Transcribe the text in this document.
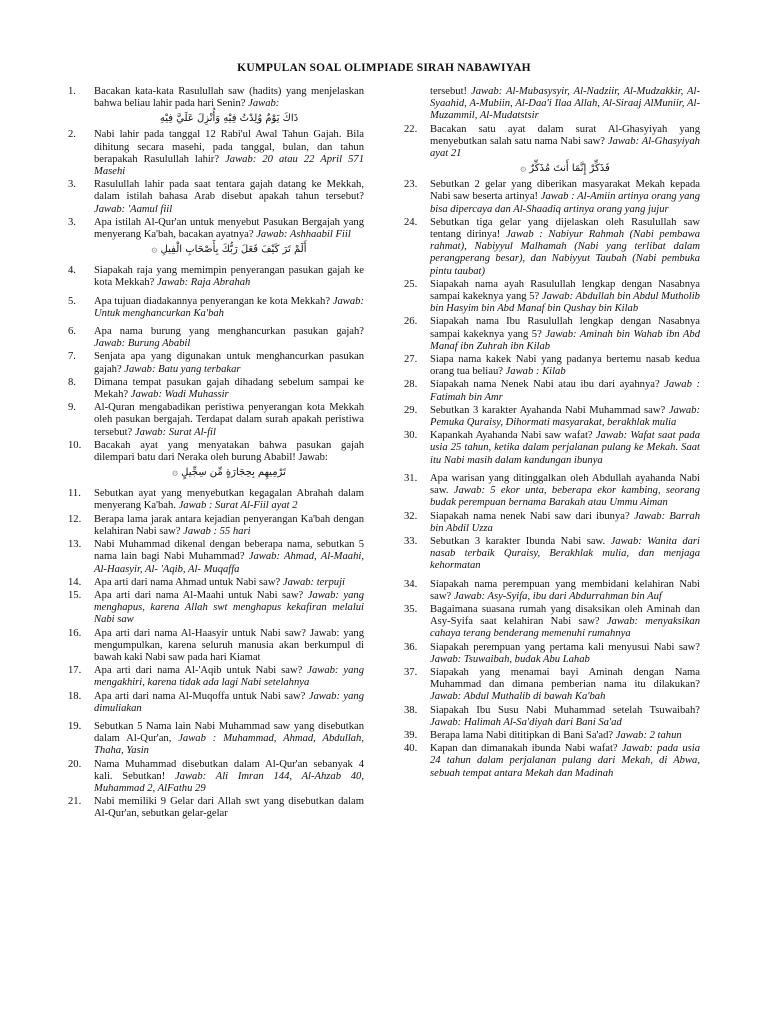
KUMPULAN SOAL OLIMPIADE SIRAH NABAWIYAH
1.	Bacakan kata-kata Rasulullah saw (hadits) yang menjelaskan bahwa beliau lahir pada hari Senin? Jawab:
ذَاكَ يَوْمٌ وُلِدْتُ فِيْهِ وَأُنْزِلَ عَلَيَّ فِيْهِ
2.	Nabi lahir pada tanggal 12 Rabi'ul Awal Tahun Gajah. Bila dihitung secara masehi, pada tanggal, bulan, dan tahun berapakah Rasulullah lahir? Jawab: 20 atau 22 April 571 Masehi
3.	Rasulullah lahir pada saat tentara gajah datang ke Mekkah, dalam istilah bahasa Arab disebut apakah tahun tersebut? Jawab: 'Aamul fiil
3.	Apa istilah Al-Qur'an untuk menyebut Pasukan Bergajah yang menyerang Ka'bah, bacakan ayatnya? Jawab: Ashhaabil Fiil
أَلَمْ تَرَ كَيْفَ فَعَلَ رَبُّكَ بِأَصْحَابِ الْفِيلِ ۞
4.	Siapakah raja yang memimpin penyerangan pasukan gajah ke kota Mekkah? Jawab: Raja Abrahah
5.	Apa tujuan diadakannya penyerangan ke kota Mekkah? Jawab: Untuk menghancurkan Ka'bah
6.	Apa nama burung yang menghancurkan pasukan gajah? Jawab: Burung Ababil
7.	Senjata apa yang digunakan untuk menghancurkan pasukan gajah? Jawab: Batu yang terbakar
8.	Dimana tempat pasukan gajah dihadang sebelum sampai ke Mekah? Jawab: Wadi Muhassir
9.	Al-Quran mengabadikan peristiwa penyerangan kota Mekkah oleh pasukan bergajah. Terdapat dalam surah apakah peristiwa tersebut? Jawab: Surat Al-fil
10.	Bacakah ayat yang menyatakan bahwa pasukan gajah dilempari batu dari Neraka oleh burung Ababil! Jawab:
تَرْمِيهِم بِحِجَارَةٍ مِّن سِجِّيلٍ ۞
11.	Sebutkan ayat yang menyebutkan kegagalan Abrahah dalam menyerang Ka'bah. Jawab : Surat Al-Fiil ayat 2
12.	Berapa lama jarak antara kejadian penyerangan Ka'bah dengan kelahiran Nabi saw? Jawab : 55 hari
13.	Nabi Muhammad dikenal dengan beberapa nama, sebutkan 5 nama lain bagi Nabi Muhammad? Jawab: Ahmad, Al-Maahi, Al-Haasyir, Al- 'Aqib, Al- Muqaffa
14.	Apa arti dari nama Ahmad untuk Nabi saw? Jawab: terpuji
15.	Apa arti dari nama Al-Maahi untuk Nabi saw? Jawab: yang menghapus, karena Allah swt menghapus kekafiran melalui Nabi saw
16.	Apa arti dari nama Al-Haasyir untuk Nabi saw? Jawab: yang mengumpulkan, karena seluruh manusia akan berkumpul di bawah kaki Nabi saw pada hari Kiamat
17.	Apa arti dari nama Al-'Aqib untuk Nabi saw? Jawab: yang mengakhiri, karena tidak ada lagi Nabi setelahnya
18.	Apa arti dari nama Al-Muqoffa untuk Nabi saw? Jawab: yang dimuliakan
19.	Sebutkan 5 Nama lain Nabi Muhammad saw yang disebutkan dalam Al-Qur'an, Jawab : Muhammad, Ahmad, Abdullah, Thaha, Yasin
20.	Nama Muhammad disebutkan dalam Al-Qur'an sebanyak 4 kali. Sebutkan! Jawab: Ali Imran 144, Al-Ahzab 40, Muhammad 2, AlFathu 29
21.	Nabi memiliki 9 Gelar dari Allah swt yang disebutkan dalam Al-Qur'an, sebutkan gelar-gelar
tersebut! Jawab: Al-Mubasysyir, Al-Nadziir, Al-Mudzakkir, Al-Syaahid, A-Mubiin, Al-Daa'i Ilaa Allah, Al-Siraaj AlMuniir, Al-Muzammil, Al-Mudatstsir
22.	Bacakan satu ayat dalam surat Al-Ghasyiyah yang menyebutkan salah satu nama Nabi saw? Jawab: Al-Ghasyiyah ayat 21
فَذَكِّرْ إِنَّمَا أَنتَ مُذَكِّرٌ ۞
23.	Sebutkan 2 gelar yang diberikan masyarakat Mekah kepada Nabi saw beserta artinya! Jawab : Al-Amiin artinya orang yang bisa dipercaya dan Al-Shaadiq artinya orang yang jujur
24.	Sebutkan tiga gelar yang dijelaskan oleh Rasulullah saw tentang dirinya! Jawab : Nabiyur Rahmah (Nabi pembawa rahmat), Nabiyyul Malhamah (Nabi yang terlibat dalam perangperang besar), dan Nabiyyut Taubah (Nabi pembuka pintu taubat)
25.	Siapakah nama ayah Rasulullah lengkap dengan Nasabnya sampai kakeknya yang 5? Jawab: Abdullah bin Abdul Mutholib bin Hasyim bin Abd Manaf bin Qushay bin Kilab
26.	Siapakah nama Ibu Rasulullah lengkap dengan Nasabnya sampai kakeknya yang 5? Jawab: Aminah bin Wahab ibn Abd Manaf ibn Zuhrah ibn Kilab
27.	Siapa nama kakek Nabi yang padanya bertemu nasab kedua orang tua beliau? Jawab : Kilab
28.	Siapakah nama Nenek Nabi atau ibu dari ayahnya? Jawab : Fatimah bin Amr
29.	Sebutkan 3 karakter Ayahanda Nabi Muhammad saw? Jawab: Pemuka Quraisy, Dihormati masyarakat, berakhlak mulia
30.	Kapankah Ayahanda Nabi saw wafat? Jawab: Wafat saat pada usia 25 tahun, ketika dalam perjalanan pulang ke Mekah. Saat itu Nabi masih dalam kandungan ibunya
31.	Apa warisan yang ditinggalkan oleh Abdullah ayahanda Nabi saw. Jawab: 5 ekor unta, beberapa ekor kambing, seorang budak perempuan bernama Barakah atau Ummu Aiman
32.	Siapakah nama nenek Nabi saw dari ibunya? Jawab: Barrah bin Abdil Uzza
33.	Sebutkan 3 karakter Ibunda Nabi saw. Jawab: Wanita dari nasab terbaik Quraisy, Berakhlak mulia, dan menjaga kehormatan
34.	Siapakah nama perempuan yang membidani kelahiran Nabi saw? Jawab: Asy-Syifa, ibu dari Abdurrahman bin Auf
35.	Bagaimana suasana rumah yang disaksikan oleh Aminah dan Asy-Syifa saat kelahiran Nabi saw? Jawab: menyaksikan cahaya terang benderang memenuhi rumahnya
36.	Siapakah perempuan yang pertama kali menyusui Nabi saw? Jawab: Tsuwaibah, budak Abu Lahab
37.	Siapakah yang menamai bayi Aminah dengan Nama Muhammad dan dimana pemberian nama itu dilakukan? Jawab: Abdul Muthalib di bawah Ka'bah
38.	Siapakah Ibu Susu Nabi Muhammad setelah Tsuwaibah? Jawab: Halimah Al-Sa'diyah dari Bani Sa'ad
39.	Berapa lama Nabi dititipkan di Bani Sa'ad? Jawab: 2 tahun
40.	Kapan dan dimanakah ibunda Nabi wafat? Jawab: pada usia 24 tahun dalam perjalanan pulang dari Mekah, di Abwa, sebuah tempat antara Mekah dan Madinah
